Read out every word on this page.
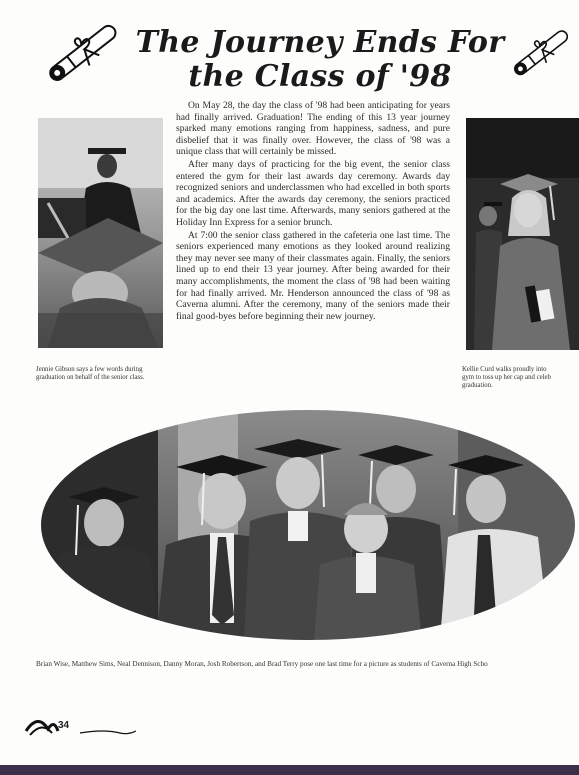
The Journey Ends For
the Class of '98

On May 28, the day the class of '98 had been anticipating for years had finally arrived. Graduation! The ending of this 13 year journey sparked many emotions ranging from happiness, sadness, and pure disbelief that it was finally over. However, the class of '98 was a unique class that will certainly be missed.

After many days of practicing for the big event, the senior class entered the gym for their last awards day ceremony. Awards day recognized seniors and underclassmen who had excelled in both sports and academics. After the awards day ceremony, the seniors practiced for the big day one last time. Afterwards, many seniors gathered at the Holiday Inn Express for a senior brunch.

At 7:00 the senior class gathered in the cafeteria one last time. The seniors experienced many emotions as they looked around realizing they may never see many of their classmates again. Finally, the seniors lined up to end their 13 year journey. After being awarded for their many accomplishments, the moment the class of '98 had been waiting for had finally arrived. Mr. Henderson announced the class of '98 as Caverna alumni. After the ceremony, many of the seniors made their final good-byes before beginning their new journey.

Jennie Gibson says a few words during graduation on behalf of the senior class.
Kellie Curd walks proudly into
gym to toss up her cap and celeb
graduation.
Brian Wise, Matthew Sims, Neal Dennison, Danny Moran, Josh Robertson, and Brad Terry pose one last time for a picture as students of Caverna High Scho
34
